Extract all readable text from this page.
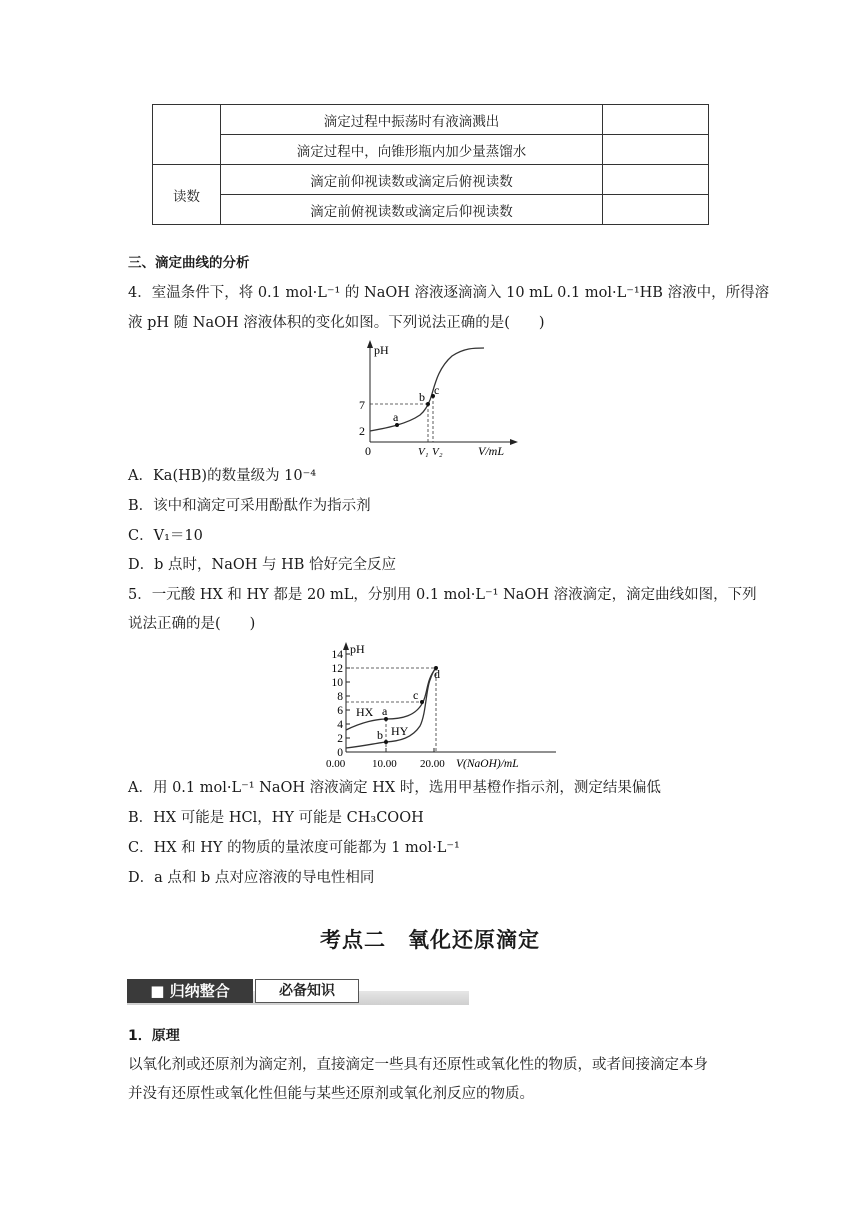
	滴定过程中振荡时有液滴溅出	
	滴定过程中，向锥形瓶内加少量蒸馏水	
读数	滴定前仰视读数或滴定后俯视读数	
	滴定前俯视读数或滴定后仰视读数	
三、滴定曲线的分析
4．室温条件下，将 0.1 mol·L⁻¹ 的 NaOH 溶液逐滴滴入 10 mL 0.1 mol·L⁻¹HB 溶液中，所得溶
液 pH 随 NaOH 溶液体积的变化如图。下列说法正确的是(　　)
pH
7
2
0
a
b c
V₁ V₂	V/mL
A．Ka(HB)的数量级为 10⁻⁴
B．该中和滴定可采用酚酞作为指示剂
C．V₁＝10
D．b 点时，NaOH 与 HB 恰好完全反应
5．一元酸 HX 和 HY 都是 20 mL，分别用 0.1 mol·L⁻¹ NaOH 溶液滴定，滴定曲线如图，下列
说法正确的是(　　)
pH
0
2
4
6
8
10
12
14
0.00 10.00 20.00 V(NaOH)/mL
HX
HY
a
b
c
d
A．用 0.1 mol·L⁻¹ NaOH 溶液滴定 HX 时，选用甲基橙作指示剂，测定结果偏低
B．HX 可能是 HCl，HY 可能是 CH₃COOH
C．HX 和 HY 的物质的量浓度可能都为 1 mol·L⁻¹
D．a 点和 b 点对应溶液的导电性相同
考点二　氧化还原滴定
■ 归纳整合	必备知识
1．原理
以氧化剂或还原剂为滴定剂，直接滴定一些具有还原性或氧化性的物质，或者间接滴定本身
并没有还原性或氧化性但能与某些还原剂或氧化剂反应的物质。
